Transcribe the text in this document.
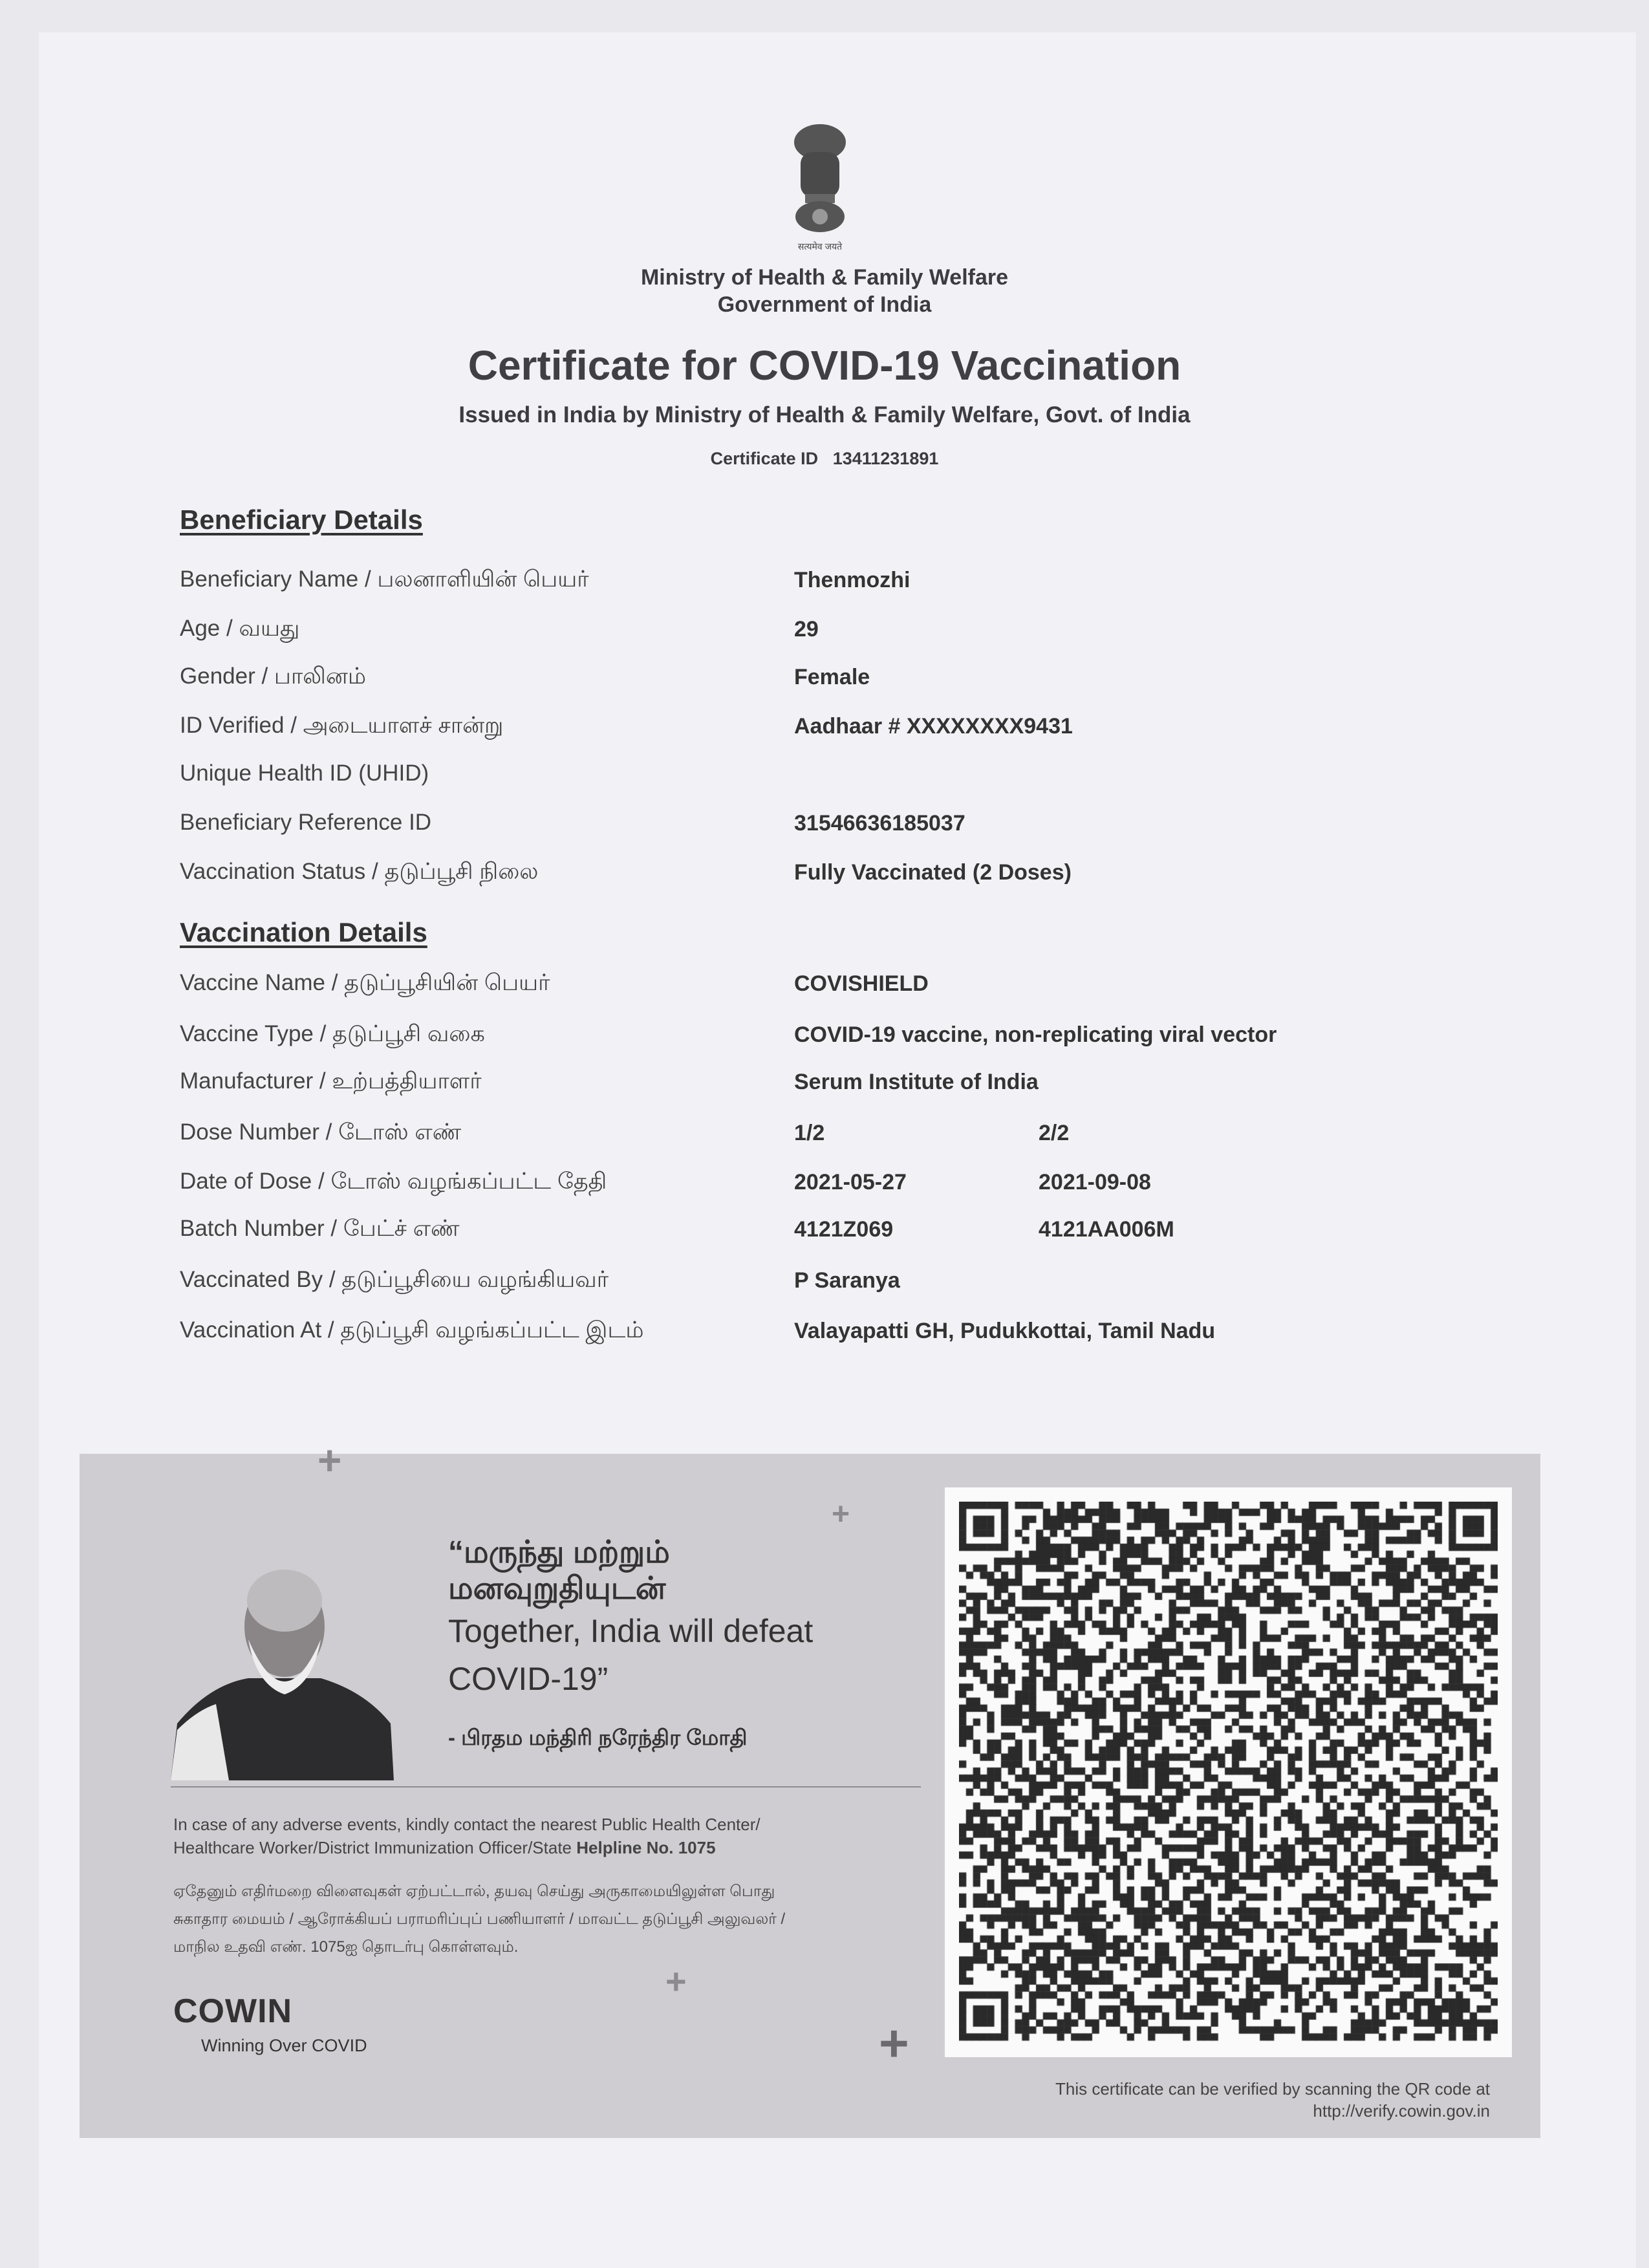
सत्यमेव जयते
Ministry of Health & Family Welfare
Government of India
Certificate for COVID-19 Vaccination
Issued in India by Ministry of Health & Family Welfare, Govt. of India
Certificate ID 13411231891
Beneficiary Details
Beneficiary Name / பலனாளியின் பெயர்	Thenmozhi
Age / வயது	29
Gender / பாலினம்	Female
ID Verified / அடையாளச் சான்று	Aadhaar # XXXXXXXX9431
Unique Health ID (UHID)
Beneficiary Reference ID	31546636185037
Vaccination Status / தடுப்பூசி நிலை	Fully Vaccinated (2 Doses)
Vaccination Details
Vaccine Name / தடுப்பூசியின் பெயர்	COVISHIELD
Vaccine Type / தடுப்பூசி வகை	COVID-19 vaccine, non-replicating viral vector
Manufacturer / உற்பத்தியாளர்	Serum Institute of India
Dose Number / டோஸ் எண்	1/2	2/2
Date of Dose / டோஸ் வழங்கப்பட்ட தேதி	2021-05-27	2021-09-08
Batch Number / பேட்ச் எண்	4121Z069	4121AA006M
Vaccinated By / தடுப்பூசியை வழங்கியவர்	P Saranya
Vaccination At / தடுப்பூசி வழங்கப்பட்ட இடம்	Valayapatti GH, Pudukkottai, Tamil Nadu
+
+
+
+
“மருந்து மற்றும்
மனவுறுதியுடன்
Together, India will defeat
COVID-19”
- பிரதம மந்திரி நரேந்திர மோதி
In case of any adverse events, kindly contact the nearest Public Health Center/
Healthcare Worker/District Immunization Officer/State Helpline No. 1075
ஏதேனும் எதிர்மறை விளைவுகள் ஏற்பட்டால், தயவு செய்து அருகாமையிலுள்ள பொது
சுகாதார மையம் / ஆரோக்கியப் பராமரிப்புப் பணியாளர் / மாவட்ட தடுப்பூசி அலுவலர் /
மாநில உதவி எண். 1075ஐ தொடர்பு கொள்ளவும்.
COWIN
Winning Over COVID
This certificate can be verified by scanning the QR code at
http://verify.cowin.gov.in
